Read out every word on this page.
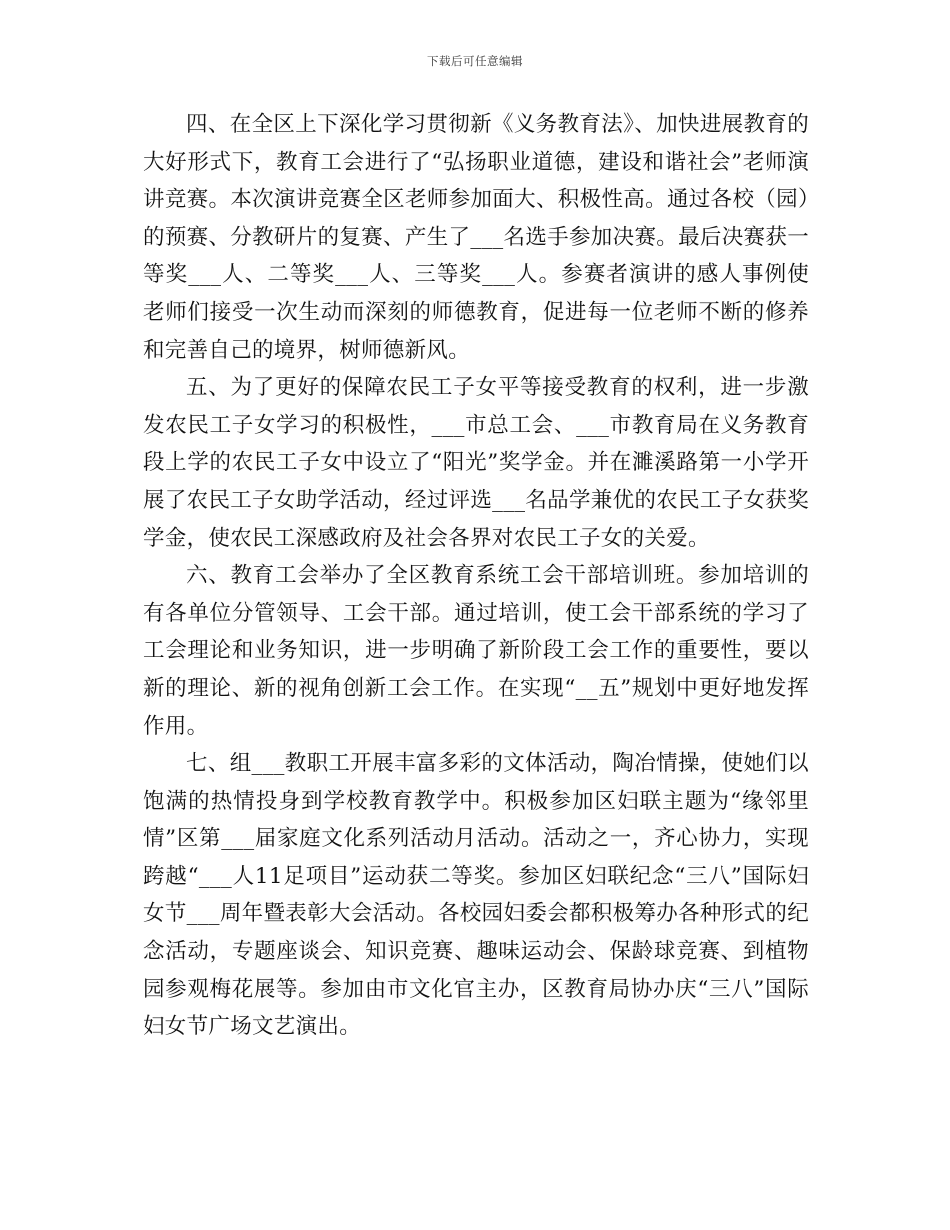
下载后可任意编辑

四、在全区上下深化学习贯彻新《义务教育法》、加快进展教育的大好形式下，教育工会进行了“弘扬职业道德，建设和谐社会”老师演讲竞赛。本次演讲竞赛全区老师参加面大、积极性高。通过各校（园）的预赛、分教研片的复赛、产生了___名选手参加决赛。最后决赛获一等奖___人、二等奖___人、三等奖___人。参赛者演讲的感人事例使老师们接受一次生动而深刻的师德教育，促进每一位老师不断的修养和完善自己的境界，树师德新风。

五、为了更好的保障农民工子女平等接受教育的权利，进一步激发农民工子女学习的积极性，___市总工会、___市教育局在义务教育段上学的农民工子女中设立了“阳光”奖学金。并在濉溪路第一小学开展了农民工子女助学活动，经过评选___名品学兼优的农民工子女获奖学金，使农民工深感政府及社会各界对农民工子女的关爱。

六、教育工会举办了全区教育系统工会干部培训班。参加培训的有各单位分管领导、工会干部。通过培训，使工会干部系统的学习了工会理论和业务知识，进一步明确了新阶段工会工作的重要性，要以新的理论、新的视角创新工会工作。在实现“__五”规划中更好地发挥作用。

七、组___教职工开展丰富多彩的文体活动，陶冶情操，使她们以饱满的热情投身到学校教育教学中。积极参加区妇联主题为“缘邻里情”区第___届家庭文化系列活动月活动。活动之一，齐心协力，实现跨越“___人11足项目”运动获二等奖。参加区妇联纪念“三八”国际妇女节___周年暨表彰大会活动。各校园妇委会都积极筹办各种形式的纪念活动，专题座谈会、知识竞赛、趣味运动会、保龄球竞赛、到植物园参观梅花展等。参加由市文化官主办，区教育局协办庆“三八”国际妇女节广场文艺演出。
